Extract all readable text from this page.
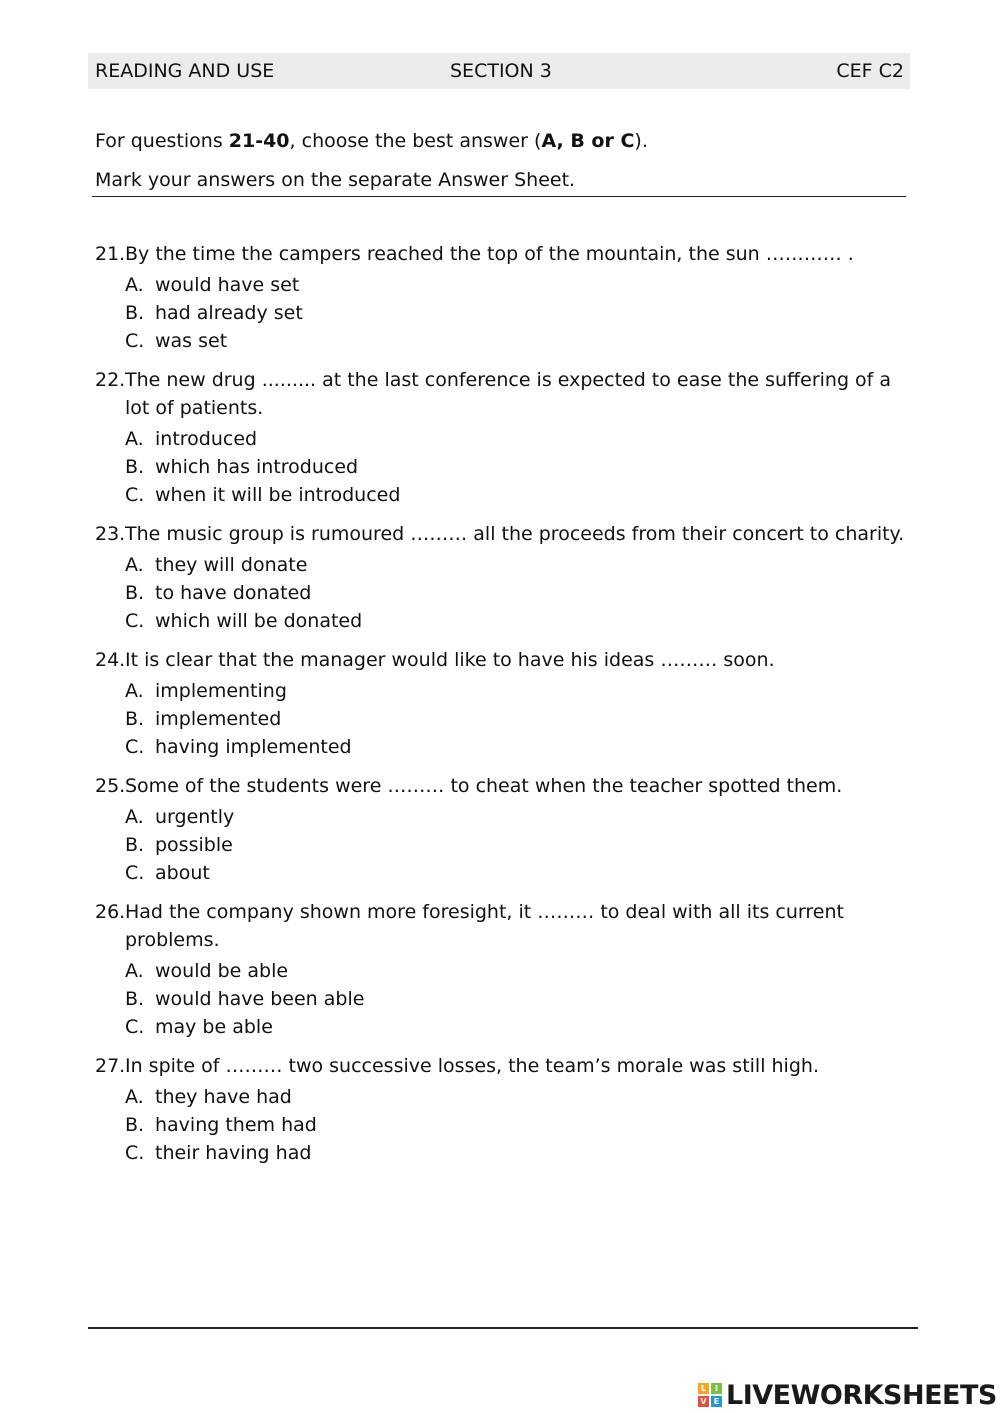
READING AND USE	SECTION 3	CEF C2
For questions 21-40, choose the best answer (A, B or C).
Mark your answers on the separate Answer Sheet.
21. By the time the campers reached the top of the mountain, the sun ………… .
A. would have set
B. had already set
C. was set
22. The new drug ......... at the last conference is expected to ease the suffering of a lot of patients.
A. introduced
B. which has introduced
C. when it will be introduced
23. The music group is rumoured ……… all the proceeds from their concert to charity.
A. they will donate
B. to have donated
C. which will be donated
24. It is clear that the manager would like to have his ideas ……… soon.
A. implementing
B. implemented
C. having implemented
25. Some of the students were ……… to cheat when the teacher spotted them.
A. urgently
B. possible
C. about
26. Had the company shown more foresight, it ……… to deal with all its current problems.
A. would be able
B. would have been able
C. may be able
27. In spite of ……… two successive losses, the team’s morale was still high.
A. they have had
B. having them had
C. their having had
L	I
V E LIVEWORKSHEETS
